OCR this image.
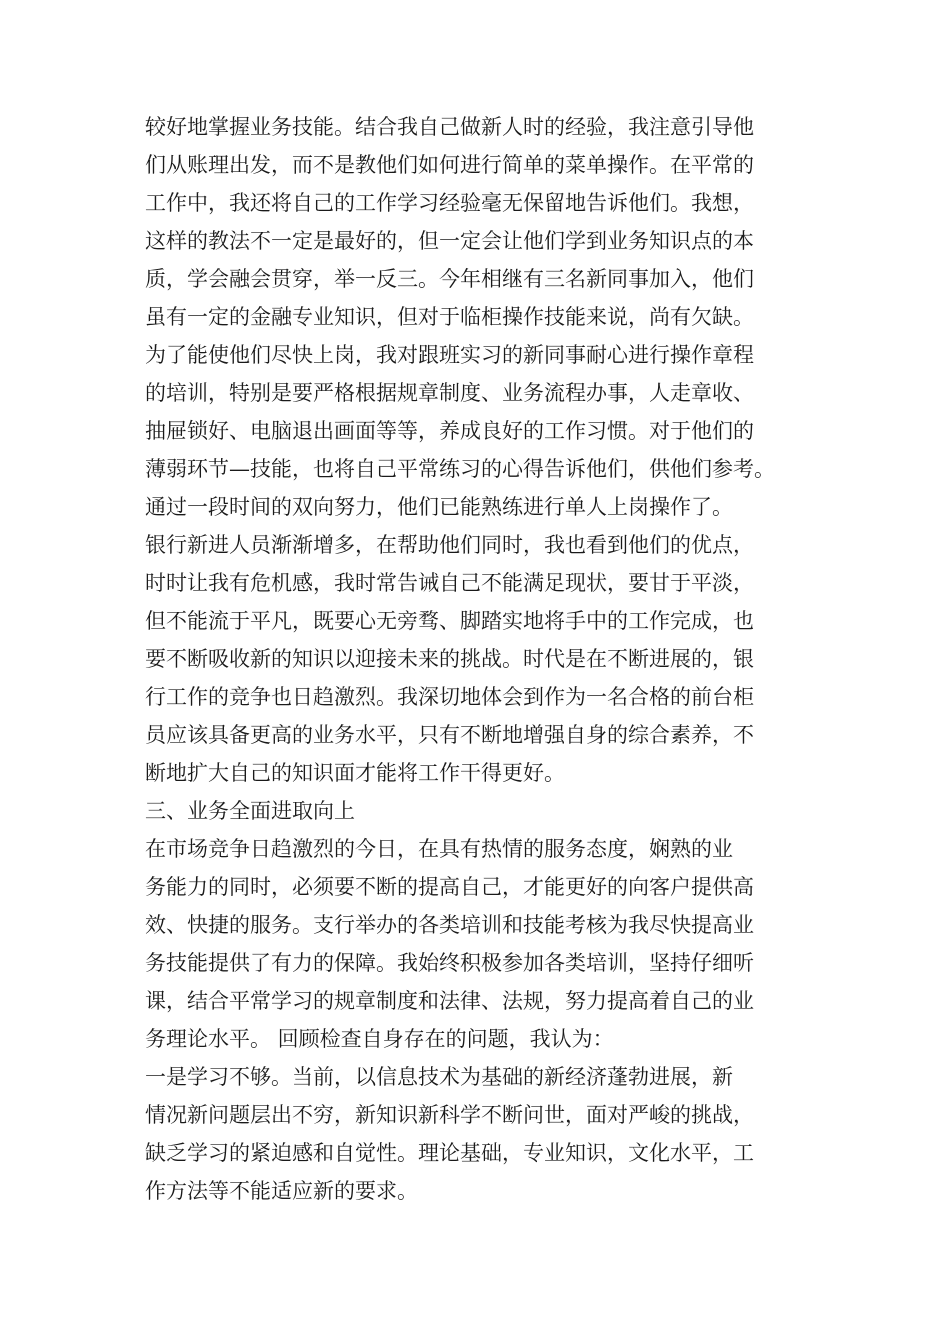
较好地掌握业务技能。结合我自己做新人时的经验，我注意引导他
们从账理出发，而不是教他们如何进行简单的菜单操作。在平常的
工作中，我还将自己的工作学习经验毫无保留地告诉他们。我想，
这样的教法不一定是最好的，但一定会让他们学到业务知识点的本
质，学会融会贯穿，举一反三。今年相继有三名新同事加入，他们
虽有一定的金融专业知识，但对于临柜操作技能来说，尚有欠缺。
为了能使他们尽快上岗，我对跟班实习的新同事耐心进行操作章程
的培训，特别是要严格根据规章制度、业务流程办事，人走章收、
抽屉锁好、电脑退出画面等等，养成良好的工作习惯。对于他们的
薄弱环节—技能，也将自己平常练习的心得告诉他们，供他们参考。
通过一段时间的双向努力，他们已能熟练进行单人上岗操作了。
银行新进人员渐渐增多，在帮助他们同时，我也看到他们的优点，
时时让我有危机感，我时常告诫自己不能满足现状，要甘于平淡，
但不能流于平凡，既要心无旁骛、脚踏实地将手中的工作完成，也
要不断吸收新的知识以迎接未来的挑战。时代是在不断进展的，银
行工作的竞争也日趋激烈。我深切地体会到作为一名合格的前台柜
员应该具备更高的业务水平，只有不断地增强自身的综合素养，不
断地扩大自己的知识面才能将工作干得更好。
三、业务全面进取向上
在市场竞争日趋激烈的今日，在具有热情的服务态度，娴熟的业
务能力的同时，必须要不断的提高自己，才能更好的向客户提供高
效、快捷的服务。支行举办的各类培训和技能考核为我尽快提高业
务技能提供了有力的保障。我始终积极参加各类培训，坚持仔细听
课，结合平常学习的规章制度和法律、法规，努力提高着自己的业
务理论水平。 回顾检查自身存在的问题，我认为：
一是学习不够。当前，以信息技术为基础的新经济蓬勃进展，新
情况新问题层出不穷，新知识新科学不断问世，面对严峻的挑战，
缺乏学习的紧迫感和自觉性。理论基础，专业知识，文化水平，工
作方法等不能适应新的要求。
